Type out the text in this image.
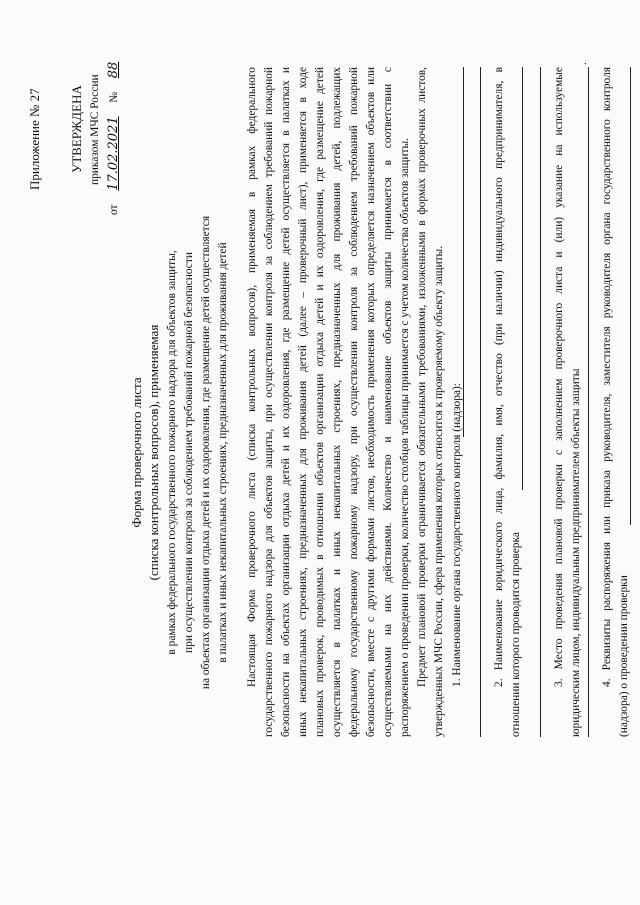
Приложение № 27 УТВЕРЖДЕНА приказом МЧС России
от 17.02.2021 № 88
Форма проверочного листа (списка контрольных вопросов), применяемая в рамках федерального государственного пожарного надзора для объектов защиты, при осуществлении контроля за соблюдением требований пожарной безопасности на объектах организации отдыха детей и их оздоровления, где размещение детей осуществляется в палатках и иных некапитальных строениях, предназначенных для проживания детей Настоящая Форма проверочного листа (списка контрольных вопросов), применяемая в рамках федерального государственного пожарного надзора для объектов защиты, при осуществлении контроля за соблюдением требований пожарной безопасности на объектах организации отдыха детей и их оздоровления, где размещение детей осуществляется в палатках и иных некапитальных строениях, предназначенных для проживания детей (далее – проверочный лист), применяется в ходе плановых проверок, проводимых в отношении объектов организации отдыха детей и их оздоровления, где размещение детей осуществляется в палатках и иных некапитальных строениях, предназначенных для проживания детей, подлежащих федеральному государственному пожарному надзору, при осуществлении контроля за соблюдением требований пожарной безопасности, вместе с другими формами листов, необходимость применения которых определяется назначением объектов или осуществляемыми на них действиями. Количество и наименование объектов защиты принимается в соответствии с распоряжением о проведении проверки, количество столбцов таблицы принимается с учетом количества объектов защиты. Предмет плановой проверки ограничивается обязательными требованиями, изложенными в формах проверочных листов, утвержденных МЧС России, сфера применения которых относится к проверяемому объекту защиты. 1. Наименование органа государственного контроля (надзора):	2. Наименование юридического лица, фамилия, имя, отчество (при наличии) индивидуального предпринимателя, в отношении которого проводится проверка	3. Место проведения плановой проверки с заполнением проверочного листа и (или) указание на используемые юридическим лицом, индивидуальным предпринимателем объекты защиты
.
4. Реквизиты распоряжения или приказа руководителя, заместителя руководителя органа государственного контроля (надзора) о проведении проверки
